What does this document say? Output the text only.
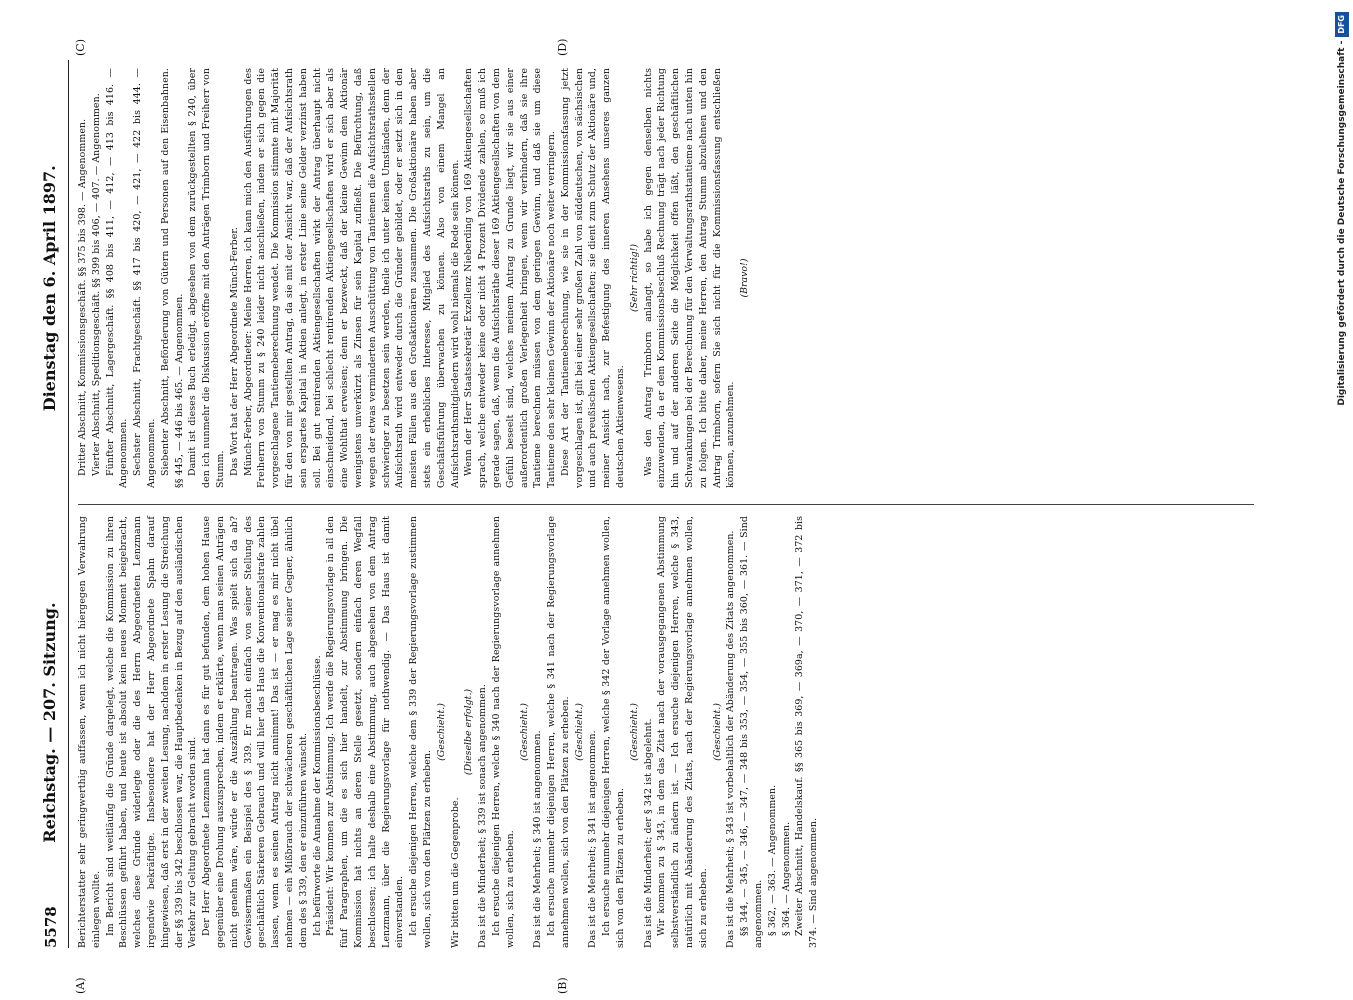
5578
Reichstag. — 207. Sitzung.  Dienstag den 6. April 1897.
(A)	(B)
(C)	(D)

Berichterstatter sehr geringwerthig auffassen, wenn ich nicht hiergegen Verwahrung einlegen wollte. Im Bericht sind weitläufig die Gründe dargelegt, welche die Kommission zu ihren Beschlüssen geführt haben, und heute ist absolut kein neues Moment beigebracht, welches diese Gründe widerlegte oder die des Herrn Abgeordneten Lenzmann irgendwie bekräftigte. Insbesondere hat der Herr Abgeordnete Spahn darauf hingewiesen, daß erst in der zweiten Lesung, nachdem in erster Lesung die Streichung der §§ 339 bis 342 beschlossen war, die Hauptbedenken in Bezug auf den ausländischen Verkehr zur Geltung gebracht worden sind. Der Herr Abgeordnete Lenzmann hat dann es für gut befunden, dem hohen Hause gegenüber eine Drohung auszusprechen, indem er erklärte, wenn man seinen Anträgen nicht genehm wäre, würde er die Auszählung beantragen. Was spielt sich da ab? Gewissermaßen ein Beispiel des § 339. Er macht einfach von seiner Stellung des geschäftlich Stärkeren Gebrauch und will hier das Haus die Konventionalstrafe zahlen lassen, wenn es seinen Antrag nicht annimmt! Das ist — er mag es mir nicht übel nehmen — ein Mißbrauch der schwächeren geschäftlichen Lage seiner Gegner, ähnlich dem des § 339, den er einzuführen wünscht. Ich befürworte die Annahme der Kommissionsbeschlüsse. Präsident: Wir kommen zur Abstimmung. Ich werde die Regierungsvorlage in all den fünf Paragraphen, um die es sich hier handelt, zur Abstimmung bringen. Die Kommission hat nichts an deren Stelle gesetzt, sondern einfach deren Wegfall beschlossen; ich halte deshalb eine Abstimmung, auch abgesehen von dem Antrag Lenzmann, über die Regierungsvorlage für nothwendig. — Das Haus ist damit einverstanden. Ich ersuche diejenigen Herren, welche dem § 339 der Regierungsvorlage zustimmen wollen, sich von den Plätzen zu erheben.

(Geschieht.)

Wir bitten um die Gegenprobe.

(Dieselbe erfolgt.) Das ist die Minderheit; § 339 ist sonach angenommen. Ich ersuche diejenigen Herren, welche § 340 nach der Regierungsvorlage annehmen wollen, sich zu erheben.

(Geschieht.) Das ist die Mehrheit; § 340 ist angenommen. Ich ersuche nunmehr diejenigen Herren, welche § 341 nach der Regierungsvorlage annehmen wollen, sich von den Plätzen zu erheben. (Geschieht.) Das ist die Mehrheit; § 341 ist angenommen. Ich ersuche nunmehr diejenigen Herren, welche § 342 der Vorlage annehmen wollen, sich von den Plätzen zu erheben.

(Geschieht.) Das ist die Minderheit; der § 342 ist abgelehnt. Wir kommen zu § 343, in dem das Zitat nach der vorausgegangenen Abstimmung selbstverständlich zu ändern ist. — Ich ersuche diejenigen Herren, welche § 343, natürlich mit Abänderung des Zitats, nach der Regierungsvorlage annehmen wollen, sich zu erheben.

(Geschieht.) Das ist die Mehrheit; § 343 ist vorbehaltlich der Abänderung des Zitats angenommen. §§ 344, — 345, — 346, — 347, — 348 bis 353, — 354, — 355 bis 360, — 361. — Sind angenommen. § 362, — 363. — Angenommen. § 364. — Angenommen. Zweiter Abschnitt, Handelskauf. §§ 365 bis 369, — 369a, — 370, — 371, — 372 bis 374. — Sind angenommen.

Dritter Abschnitt, Kommissionsgeschäft. §§ 375 bis 398. — Angenommen. Vierter Abschnitt, Speditionsgeschäft. §§ 399 bis 406, — 407. — Angenommen. Fünfter Abschnitt, Lagergeschäft. §§ 408 bis 411, — 412, — 413 bis 416. — Angenommen. Sechster Abschnitt, Frachtgeschäft. §§ 417 bis 420, — 421, — 422 bis 444. — Angenommen. Siebenter Abschnitt, Beförderung von Gütern und Personen auf den Eisenbahnen. §§ 445, — 446 bis 465. — Angenommen. Damit ist dieses Buch erledigt, abgesehen von dem zurückgestellten § 240, über den ich nunmehr die Diskussion eröffne mit den Anträgen Trimborn und Freiherr von Stumm. Das Wort hat der Herr Abgeordnete Münch-Ferber. Münch-Ferber, Abgeordneter: Meine Herren, ich kann mich den Ausführungen des Freiherrn von Stumm zu § 240 leider nicht anschließen, indem er sich gegen die vorgeschlagene Tantiemeberechnung wendet. Die Kommission stimmte mit Majorität für den von mir gestellten Antrag, da sie mit der Ansicht war, daß der Aufsichtsrath sein erspartes Kapital in Aktien anlegt, in erster Linie seine Gelder verzinst haben soll. Bei gut rentirenden Aktiengesellschaften wirkt der Antrag überhaupt nicht einschneidend, bei schlecht rentirenden Aktiengesellschaften wird er sich aber als eine Wohlthat erweisen; denn er bezweckt, daß der kleine Gewinn dem Aktionär wenigstens unverkürzt als Zinsen für sein Kapital zufließt. Die Befürchtung, daß wegen der etwas verminderten Ausschüttung von Tantiemen die Aufsichtsrathsstellen schwieriger zu besetzen sein werden, theile ich unter keinen Umständen, denn der Aufsichtsrath wird entweder durch die Gründer gebildet, oder er setzt sich in den meisten Fällen aus den Großaktionären zusammen. Die Großaktionäre haben aber stets ein erhebliches Interesse, Mitglied des Aufsichtsraths zu sein, um die Geschäftsführung überwachen zu können. Also von einem Mangel an Aufsichtsrathsmitgliedern wird wohl niemals die Rede sein können. Wenn der Herr Staatssekretär Exzellenz Nieberding von 169 Aktiengesellschaften sprach, welche entweder keine oder nicht 4 Prozent Dividende zahlen, so muß ich gerade sagen, daß, wenn die Aufsichtsräthe dieser 169 Aktiengesellschaften von dem Gefühl beseelt sind, welches meinem Antrag zu Grunde liegt, wir sie aus einer außerordentlich großen Verlegenheit bringen, wenn wir verhindern, daß sie ihre Tantieme berechnen müssen von dem geringen Gewinn, und daß sie um diese Tantieme den sehr kleinen Gewinn der Aktionäre noch weiter verringern. Diese Art der Tantiemeberechnung, wie sie in der Kommissionsfassung jetzt vorgeschlagen ist, gilt bei einer sehr großen Zahl von süddeutschen, von sächsischen und auch preußischen Aktiengesellschaften; sie dient zum Schutz der Aktionäre und, meiner Ansicht nach, zur Befestigung des inneren Ansehens unseres ganzen deutschen Aktienwesens.

(Sehr richtig!) Was den Antrag Trimborn anlangt, so habe ich gegen denselben nichts einzuwenden, da er dem Kommissionsbeschluß Rechnung trägt nach jeder Richtung hin und auf der anderen Seite die Möglichkeit offen läßt, den geschäftlichen Schwankungen bei der Berechnung für den Verwaltungsrathstantieme nach unten hin zu folgen. Ich bitte daher, meine Herren, den Antrag Stumm abzulehnen und den Antrag Trimborn, sofern Sie sich nicht für die Kommissionsfassung entschließen können, anzunehmen.

(Bravo!)	Digitalisierung gefördert durch die Deutsche Forschungsgemeinschaft -DFG
